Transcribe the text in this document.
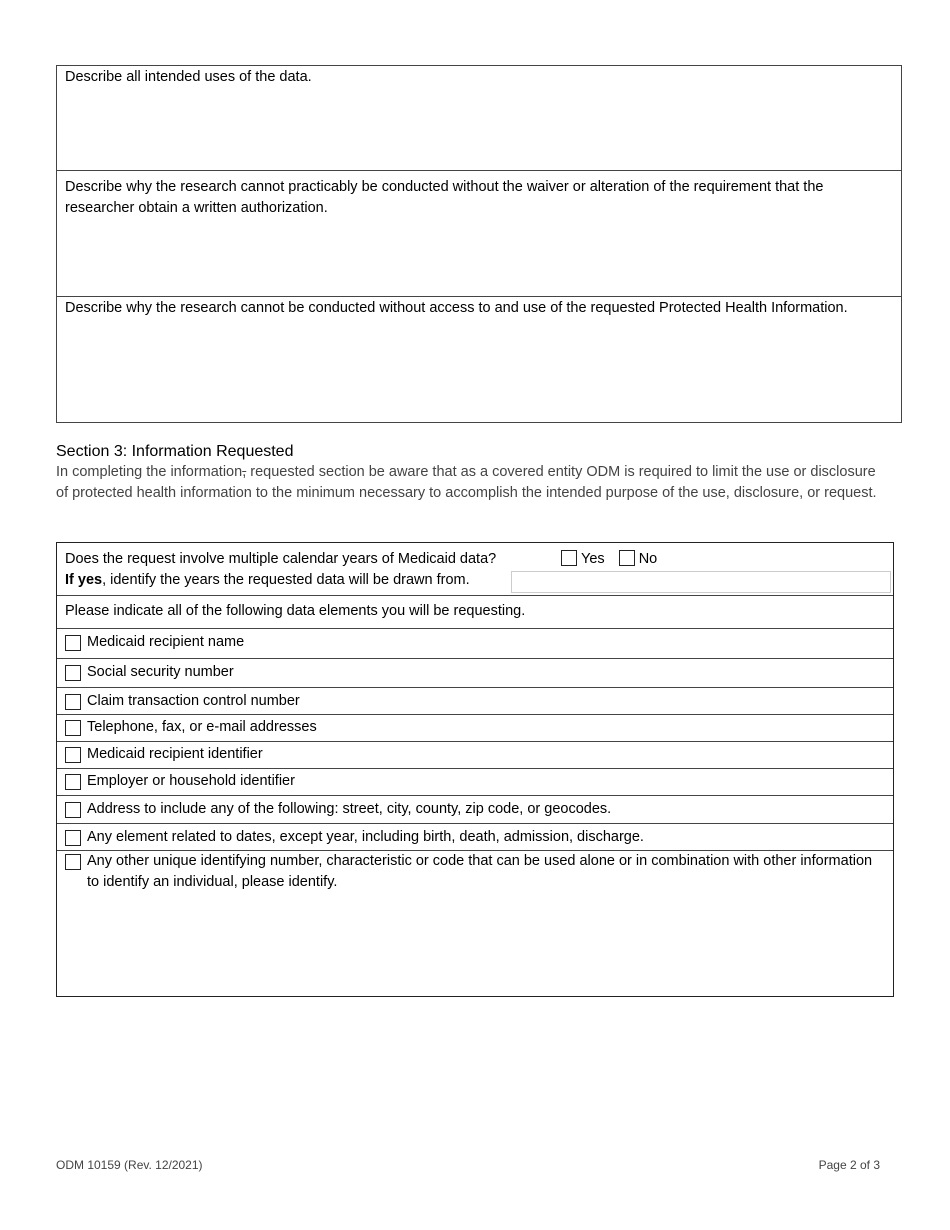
Describe all intended uses of the data.
Describe why the research cannot practicably be conducted without the waiver or alteration of the requirement that the researcher obtain a written authorization.
Describe why the research cannot be conducted without access to and use of the requested Protected Health Information.
Section 3: Information Requested
In completing the information, requested section be aware that as a covered entity ODM is required to limit the use or disclosure of protected health information to the minimum necessary to accomplish the intended purpose of the use, disclosure, or request.
Does the request involve multiple calendar years of Medicaid data?	Yes No
If yes, identify the years the requested data will be drawn from.
Please indicate all of the following data elements you will be requesting.
Medicaid recipient name
Social security number
Claim transaction control number
Telephone, fax, or e-mail addresses
Medicaid recipient identifier
Employer or household identifier
Address to include any of the following: street, city, county, zip code, or geocodes.
Any element related to dates, except year, including birth, death, admission, discharge.
Any other unique identifying number, characteristic or code that can be used alone or in combination with other information to identify an individual, please identify.
ODM 10159 (Rev. 12/2021)	Page 2 of 3
